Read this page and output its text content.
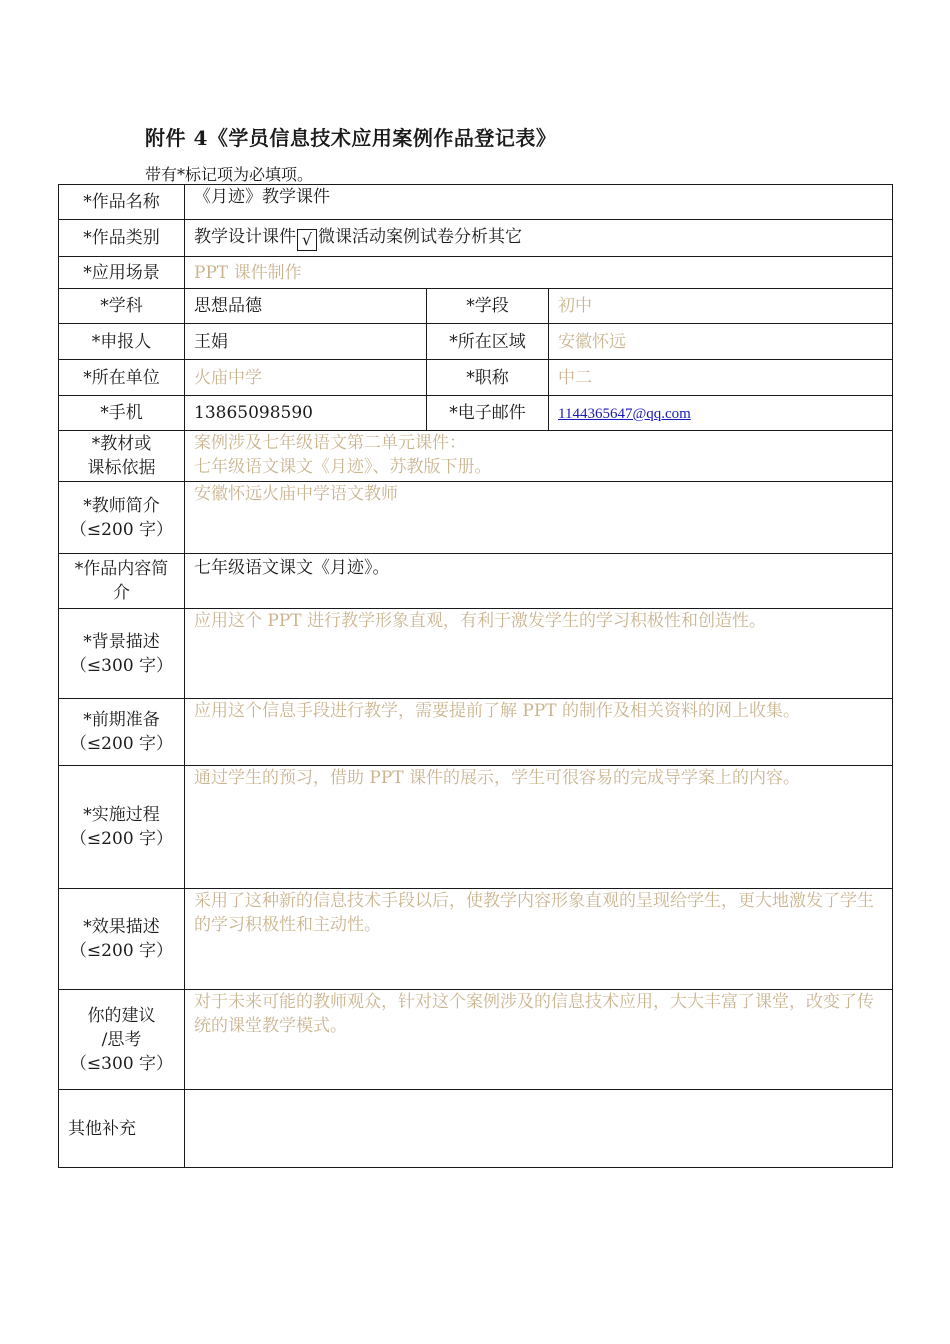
附件 4《学员信息技术应用案例作品登记表》
带有*标记项为必填项。
*作品名称	《月迹》教学课件		
*作品类别	教学设计课件 √ 微课活动案例试卷分析其它		
*应用场景	PPT 课件制作		
*学科	思想品德	*学段	初中
*申报人	王娟	*所在区域	安徽怀远
*所在单位	火庙中学	*职称	中二
*手机	13865098590	*电子邮件	1144365647@qq.com

*教材或
课标依据	案例涉及七年级语文第二单元课件：
七年级语文课文《月迹》、苏教版下册。		

*教师简介
（≤200 字）	安徽怀远火庙中学语文教师		

*作品内容简
介	七年级语文课文《月迹》。		

*背景描述
（≤300 字）	应用这个 PPT 进行教学形象直观，有利于激发学生的学习积极性和创造性。		

*前期准备
（≤200 字）	应用这个信息手段进行教学，需要提前了解 PPT 的制作及相关资料的网上收集。		

*实施过程
（≤200 字）	通过学生的预习，借助 PPT 课件的展示，学生可很容易的完成导学案上的内容。		

*效果描述
（≤200 字）	采用了这种新的信息技术手段以后，使教学内容形象直观的呈现给学生，更大地激发了学生的学习积极性和主动性。		

你的建议
/思考
（≤300 字）	对于未来可能的教师观众，针对这个案例涉及的信息技术应用，大大丰富了课堂，改变了传统的课堂教学模式。		
其他补充			
